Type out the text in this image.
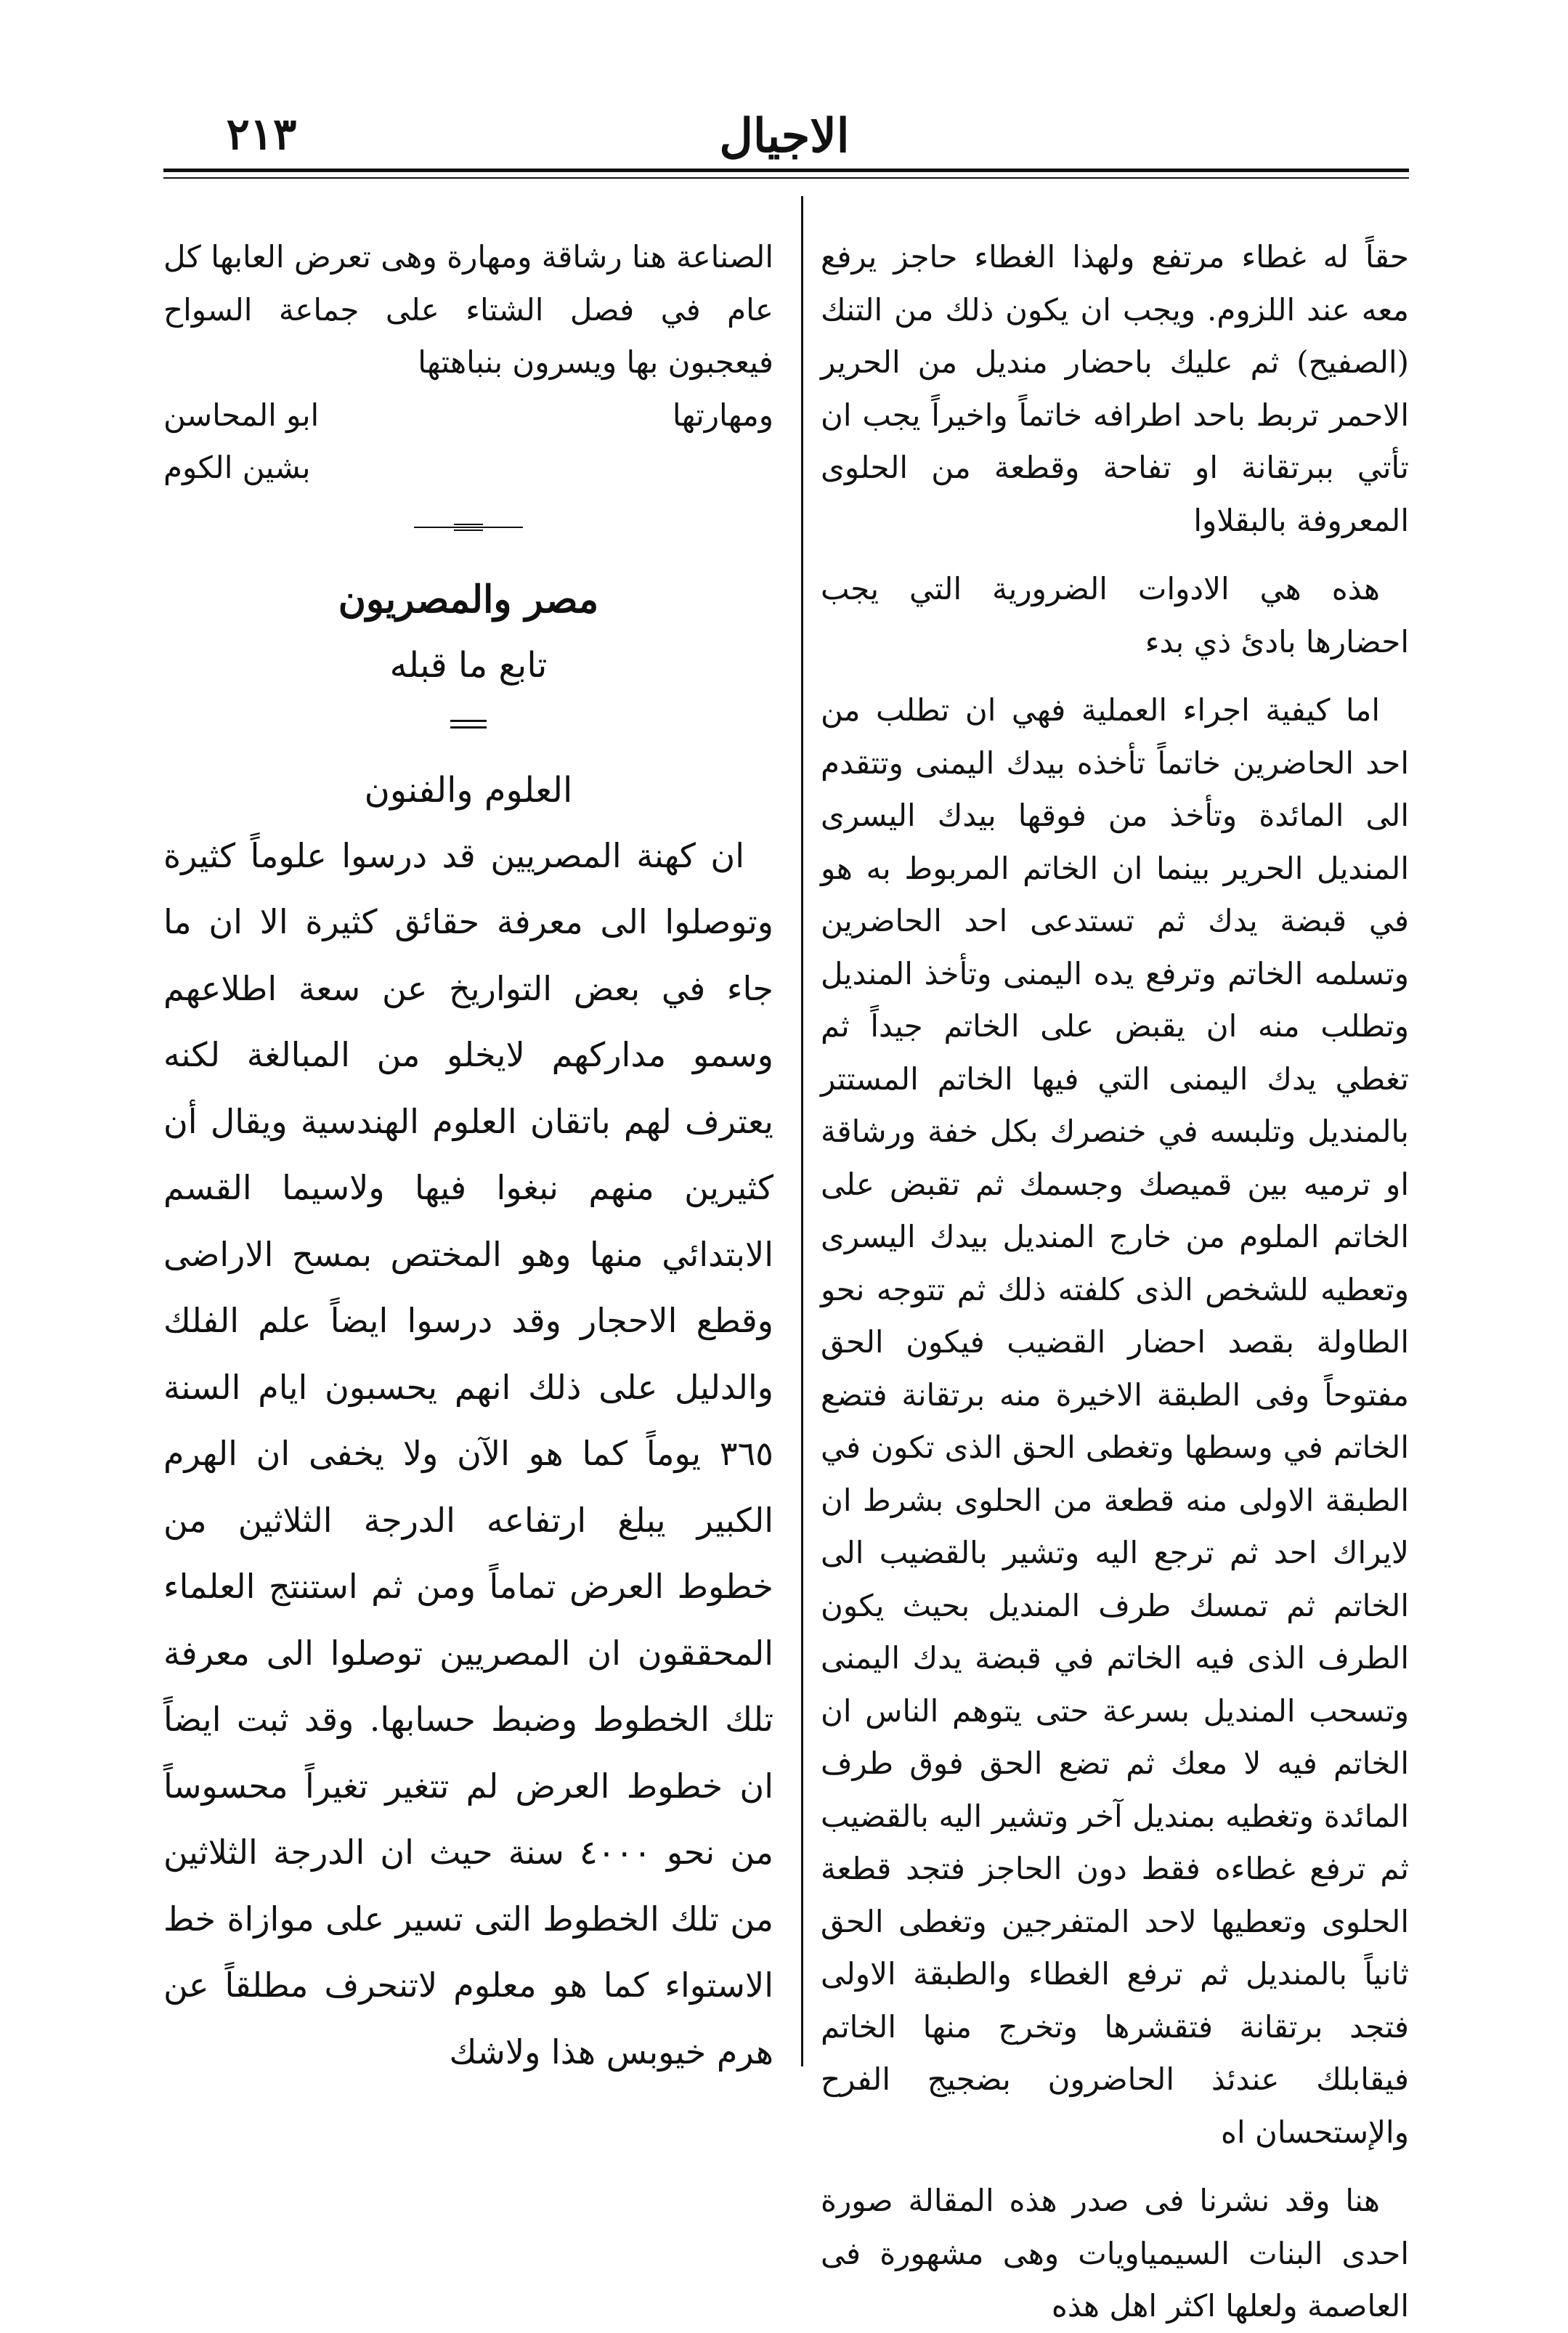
الاجيال
٢١٣

حقاً له غطاء مرتفع ولهذا الغطاء حاجز يرفع معه عند اللزوم. ويجب ان يكون ذلك من التنك (الصفيح) ثم عليك باحضار منديل من الحرير الاحمر تربط باحد اطرافه خاتماً واخيراً يجب ان تأتي ببرتقانة او تفاحة وقطعة من الحلوى المعروفة بالبقلاوا

هذه هي الادوات الضرورية التي يجب احضارها بادئ ذي بدء

اما كيفية اجراء العملية فهي ان تطلب من احد الحاضرين خاتماً تأخذه بيدك اليمنى وتتقدم الى المائدة وتأخذ من فوقها بيدك اليسرى المنديل الحرير بينما ان الخاتم المربوط به هو في قبضة يدك ثم تستدعى احد الحاضرين وتسلمه الخاتم وترفع يده اليمنى وتأخذ المنديل وتطلب منه ان يقبض على الخاتم جيداً ثم تغطي يدك اليمنى التي فيها الخاتم المستتر بالمنديل وتلبسه في خنصرك بكل خفة ورشاقة او ترميه بين قميصك وجسمك ثم تقبض على الخاتم الملوم من خارج المنديل بيدك اليسرى وتعطيه للشخص الذى كلفته ذلك ثم تتوجه نحو الطاولة بقصد احضار القضيب فيكون الحق مفتوحاً وفى الطبقة الاخيرة منه برتقانة فتضع الخاتم في وسطها وتغطى الحق الذى تكون في الطبقة الاولى منه قطعة من الحلوى بشرط ان لايراك احد ثم ترجع اليه وتشير بالقضيب الى الخاتم ثم تمسك طرف المنديل بحيث يكون الطرف الذى فيه الخاتم في قبضة يدك اليمنى وتسحب المنديل بسرعة حتى يتوهم الناس ان الخاتم فيه لا معك ثم تضع الحق فوق طرف المائدة وتغطيه بمنديل آخر وتشير اليه بالقضيب ثم ترفع غطاءه فقط دون الحاجز فتجد قطعة الحلوى وتعطيها لاحد المتفرجين وتغطى الحق ثانياً بالمنديل ثم ترفع الغطاء والطبقة الاولى فتجد برتقانة فتقشرها وتخرج منها الخاتم فيقابلك عندئذ الحاضرون بضجيج الفرح والإستحسان اه

هنا وقد نشرنا فى صدر هذه المقالة صورة احدى البنات السيمياويات وهى مشهورة فى العاصمة ولعلها اكثر اهل هذه

الصناعة هنا رشاقة ومهارة وهى تعرض العابها كل عام في فصل الشتاء على جماعة السواح فيعجبون بها ويسرون بنباهتها

ومهارتها
ابو المحاسن
بشين الكوم

مصر والمصريون

تابع ما قبله

العلوم والفنون

ان كهنة المصريين قد درسوا علوماً كثيرة وتوصلوا الى معرفة حقائق كثيرة الا ان ما جاء في بعض التواريخ عن سعة اطلاعهم وسمو مداركهم لايخلو من المبالغة لكنه يعترف لهم باتقان العلوم الهندسية ويقال أن كثيرين منهم نبغوا فيها ولاسيما القسم الابتدائي منها وهو المختص بمسح الاراضى وقطع الاحجار وقد درسوا ايضاً علم الفلك والدليل على ذلك انهم يحسبون ايام السنة ٣٦٥ يوماً كما هو الآن ولا يخفى ان الهرم الكبير يبلغ ارتفاعه الدرجة الثلاثين من خطوط العرض تماماً ومن ثم استنتج العلماء المحققون ان المصريين توصلوا الى معرفة تلك الخطوط وضبط حسابها. وقد ثبت ايضاً ان خطوط العرض لم تتغير تغيراً محسوساً من نحو ٤٠٠٠ سنة حيث ان الدرجة الثلاثين من تلك الخطوط التى تسير على موازاة خط الاستواء كما هو معلوم لاتنحرف مطلقاً عن هرم خيوبس هذا ولاشك
